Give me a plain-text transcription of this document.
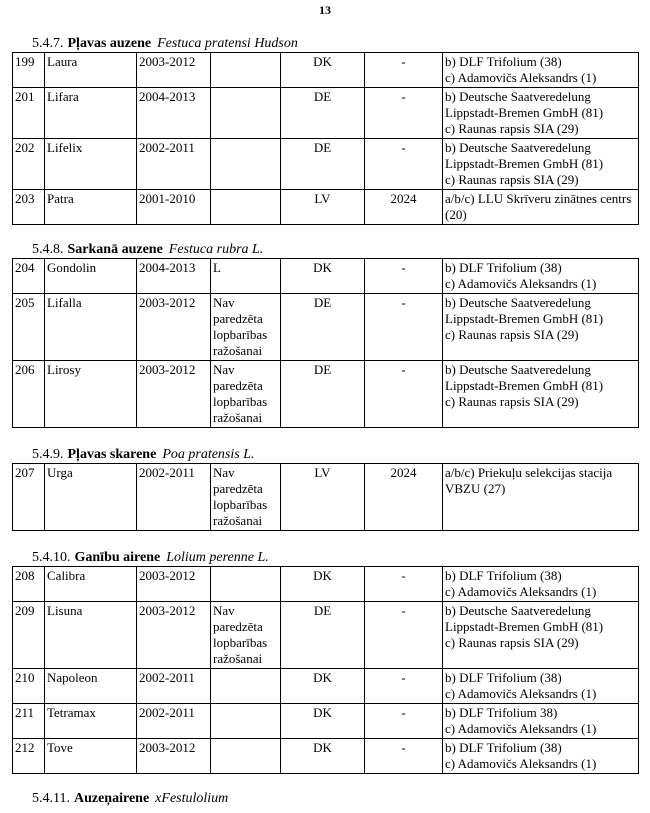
13
5.4.7. Pļavas auzene Festuca pratensi Hudson
199	Laura	2003-2012		DK	-	b) DLF Trifolium (38)
c) Adamovičs Aleksandrs (1)

201	Lifara	2004-2013		DE	-	b) Deutsche Saatveredelung
Lippstadt-Bremen GmbH (81)
c) Raunas rapsis SIA (29)

202	Lifelix	2002-2011		DE	-	b) Deutsche Saatveredelung
Lippstadt-Bremen GmbH (81)
c) Raunas rapsis SIA (29)

203	Patra	2001-2010		LV	2024	a/b/c) LLU Skrīveru zinātnes centrs
(20)
5.4.8. Sarkanā auzene Festuca rubra L.
204	Gondolin	2004-2013	L	DK	-	b) DLF Trifolium (38)
c) Adamovičs Aleksandrs (1)

205	Lifalla	2003-2012	Nav paredzēta lopbarības ražošanai	DE	-	b) Deutsche Saatveredelung
Lippstadt-Bremen GmbH (81)
c) Raunas rapsis SIA (29)

206	Lirosy	2003-2012	Nav paredzēta lopbarības ražošanai	DE	-	b) Deutsche Saatveredelung
Lippstadt-Bremen GmbH (81)
c) Raunas rapsis SIA (29)
5.4.9. Pļavas skarene Poa pratensis L.
207	Urga	2002-2011	Nav paredzēta lopbarības ražošanai	LV	2024	a/b/c) Priekuļu selekcijas stacija
VBZU (27)
5.4.10. Ganību airene Lolium perenne L.
208	Calibra	2003-2012		DK	-	b) DLF Trifolium (38)
c) Adamovičs Aleksandrs (1)

209	Lisuna	2003-2012	Nav paredzēta lopbarības ražošanai	DE	-	b) Deutsche Saatveredelung
Lippstadt-Bremen GmbH (81)
c) Raunas rapsis SIA (29)

210	Napoleon	2002-2011		DK	-	b) DLF Trifolium (38)
c) Adamovičs Aleksandrs (1)

211	Tetramax	2002-2011		DK	-	b) DLF Trifolium 38)
c) Adamovičs Aleksandrs (1)

212	Tove	2003-2012		DK	-	b) DLF Trifolium (38)
c) Adamovičs Aleksandrs (1)
5.4.11. Auzeņairene xFestulolium
